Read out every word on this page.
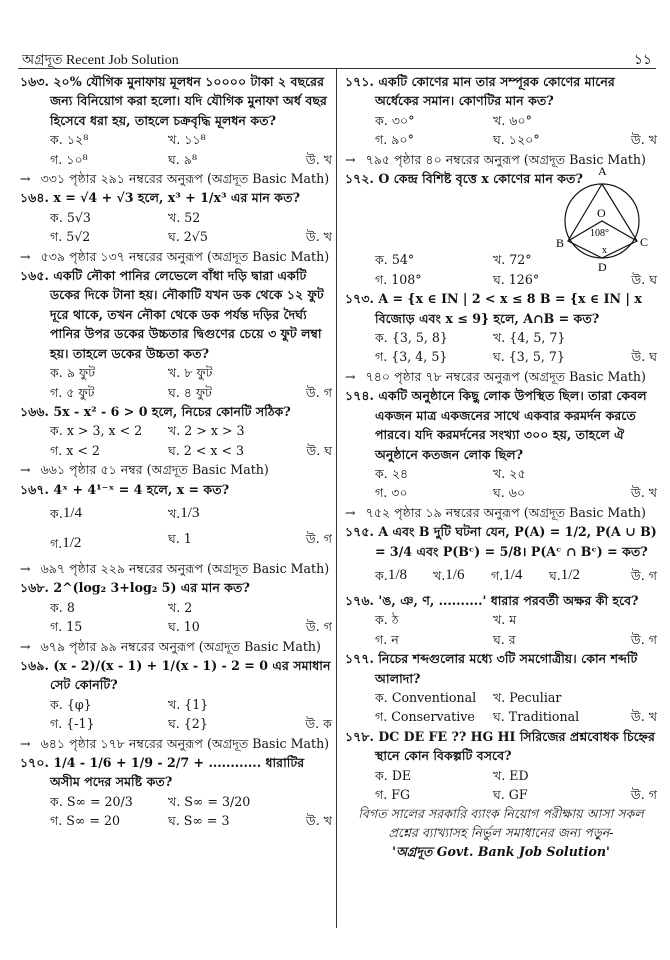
অগ্রদূত Recent Job Solution	১১
১৬৩. ২০% যৌগিক মুনাফায় মূলধন ১০০০০ টাকা ২ বছরের জন্য বিনিয়োগ করা হলো। যদি যৌগিক মুনাফা অর্ধ বছর হিসেবে ধরা হয়, তাহলে চক্রবৃদ্ধি মূলধন কত?
ক. ১২⁸	খ. ১১⁸
গ. ১০⁸	ঘ. ৯⁸	উ. খ
→ ৩৩১ পৃষ্ঠার ২৯১ নম্বরের অনুরূপ (অগ্রদূত Basic Math)
১৬৪. x = √4 + √3 হলে, x³ + 1/x³ এর মান কত?
ক. 5√3	খ. 52
গ. 5√2	ঘ. 2√5	উ. খ
→ ৫৩৯ পৃষ্ঠার ১৩৭ নম্বরের অনুরূপ (অগ্রদূত Basic Math)
১৬৫. একটি নৌকা পানির লেভেলে বাঁধা দড়ি দ্বারা একটি ডকের দিকে টানা হয়। নৌকাটি যখন ডক থেকে ১২ ফুট দূরে থাকে, তখন নৌকা থেকে ডক পর্যন্ত দড়ির দৈর্ঘ্য পানির উপর ডকের উচ্চতার দ্বিগুণের চেয়ে ৩ ফুট লম্বা হয়। তাহলে ডকের উচ্চতা কত?
ক. ৯ ফুট	খ. ৮ ফুট
গ. ৫ ফুট	ঘ. ৪ ফুট	উ. গ
১৬৬. 5x - x² - 6 > 0 হলে, নিচের কোনটি সঠিক?
ক. x > 3, x < 2	খ. 2 > x > 3
গ. x < 2	ঘ. 2 < x < 3	উ. ঘ
→ ৬৬১ পৃষ্ঠার ৫১ নম্বর (অগ্রদূত Basic Math)
১৬৭. 4ˣ + 4¹⁻ˣ = 4 হলে, x = কত?
ক. 1/4	খ. 1/3
গ. 1/2	ঘ. 1	উ. গ
→ ৬৯৭ পৃষ্ঠার ২২৯ নম্বরের অনুরূপ (অগ্রদূত Basic Math)
১৬৮. 2^(log₂ 3+log₂ 5) এর মান কত?
ক. 8	খ. 2
গ. 15	ঘ. 10	উ. গ
→ ৬৭৯ পৃষ্ঠার ৯৯ নম্বরের অনুরূপ (অগ্রদূত Basic Math)
১৬৯. (x - 2)/(x - 1) + 1/(x - 1) - 2 = 0 এর সমাধান সেট কোনটি?
ক. {φ}	খ. {1}
গ. {-1}	ঘ. {2}	উ. ক
→ ৬৪১ পৃষ্ঠার ১৭৮ নম্বরের অনুরূপ (অগ্রদূত Basic Math)
১৭০. 1/4 - 1/6 + 1/9 - 2/7 + ............ ধারাটির অসীম পদের সমষ্টি কত?
ক. S∞ = 20/3	খ. S∞ = 3/20
গ. S∞ = 20	ঘ. S∞ = 3	উ. খ
১৭১. একটি কোণের মান তার সম্পূরক কোণের মানের অর্ধেকের সমান। কোণটির মান কত?
ক. ৩০°	খ. ৬০°
গ. ৯০°	ঘ. ১২০°	উ. খ
→ ৭৯৫ পৃষ্ঠার ৪০ নম্বরের অনুরূপ (অগ্রদূত Basic Math)
A
O
108°
B	C
x
D
১৭২. O কেন্দ্র বিশিষ্ট বৃত্তে x কোণের মান কত?
ক. 54°	খ. 72°
গ. 108°	ঘ. 126°	উ. ঘ
১৭৩. A = {x ∈ IN | 2 < x ≤ 8 B = {x ∈ IN | x বিজোড় এবং x ≤ 9} হলে, A∩B = কত?
ক. {3, 5, 8}	খ. {4, 5, 7}
গ. {3, 4, 5}	ঘ. {3, 5, 7}	উ. ঘ
→ ৭৪০ পৃষ্ঠার ৭৮ নম্বরের অনুরূপ (অগ্রদূত Basic Math)
১৭৪. একটি অনুষ্ঠানে কিছু লোক উপস্থিত ছিল। তারা কেবল একজন মাত্র একজনের সাথে একবার করমর্দন করতে পারবে। যদি করমর্দনের সংখ্যা ৩০০ হয়, তাহলে ঐ অনুষ্ঠানে কতজন লোক ছিল?
ক. ২৪	খ. ২৫
গ. ৩০	ঘ. ৬০	উ. খ
→ ৭৫২ পৃষ্ঠার ১৯ নম্বরের অনুরূপ (অগ্রদূত Basic Math)
১৭৫. A এবং B দুটি ঘটনা যেন, P(A) = 1/2, P(A ∪ B) = 3/4 এবং P(Bᶜ) = 5/8। P(Aᶜ ∩ Bᶜ) = কত?
ক. 1/8 খ. 1/6 গ. 1/4 ঘ. 1/2	উ. গ
১৭৬. 'ঙ, ঞ, ণ, ..........' ধারার পরবর্তী অক্ষর কী হবে?
ক. ঠ	খ. ম
গ. ন	ঘ. র	উ. গ
১৭৭. নিচের শব্দগুলোর মধ্যে ৩টি সমগোত্রীয়। কোন শব্দটি আলাদা?
ক. Conventional	খ. Peculiar
গ. Conservative	ঘ. Traditional	উ. খ
১৭৮. DC DE FE ?? HG HI সিরিজের প্রশ্নবোধক চিহ্নের স্থানে কোন বিকল্পটি বসবে?
ক. DE	খ. ED
গ. FG	ঘ. GF	উ. গ
বিগত সালের সরকারি ব্যাংক নিয়োগ পরীক্ষায় আসা সকল
প্রশ্নের ব্যাখ্যাসহ নির্ভুল সমাধানের জন্য পড়ুন-
'অগ্রদূত Govt. Bank Job Solution'
